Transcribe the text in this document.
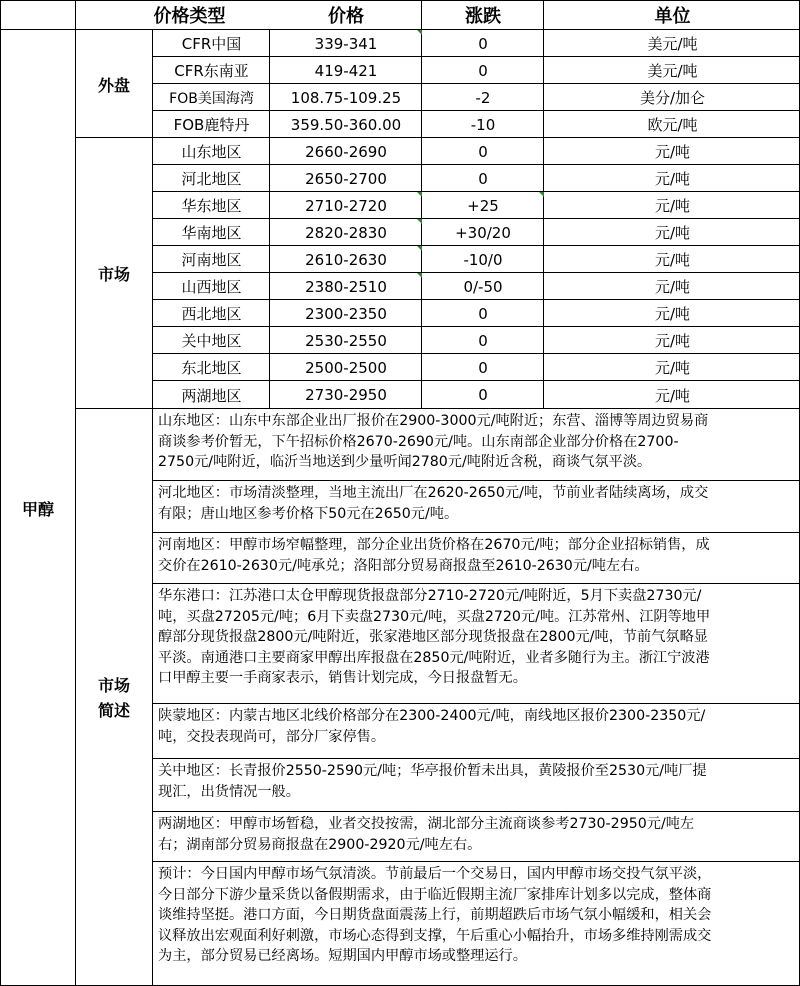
价格类型	价格	涨跌	单位
甲醇
外盘
市场
市场
简述
CFR中国	339-341	0	美元/吨
CFR东南亚	419-421	0	美元/吨
FOB美国海湾	108.75-109.25	-2	美分/加仑
FOB鹿特丹	359.50-360.00	-10	欧元/吨
山东地区	2660-2690	0	元/吨
河北地区	2650-2700	0	元/吨
华东地区	2710-2720	+25	元/吨
华南地区	2820-2830	+30/20	元/吨
河南地区	2610-2630	-10/0	元/吨
山西地区	2380-2510	0/-50	元/吨
西北地区	2300-2350	0	元/吨
关中地区	2530-2550	0	元/吨
东北地区	2500-2500	0	元/吨
两湖地区	2730-2950	0	元/吨
山东地区：山东中东部企业出厂报价在2900-3000元/吨附近；东营、淄博等周边贸易商
商谈参考价暂无，下午招标价格2670-2690元/吨。山东南部企业部分价格在2700-
2750元/吨附近，临沂当地送到少量听闻2780元/吨附近含税，商谈气氛平淡。
河北地区：市场清淡整理，当地主流出厂在2620-2650元/吨，节前业者陆续离场，成交
有限；唐山地区参考价格下50元在2650元/吨。
河南地区：甲醇市场窄幅整理，部分企业出货价格在2670元/吨；部分企业招标销售，成
交价在2610-2630元/吨承兑；洛阳部分贸易商报盘至2610-2630元/吨左右。
华东港口：江苏港口太仓甲醇现货报盘部分2710-2720元/吨附近，5月下卖盘2730元/
吨，买盘27205元/吨；6月下卖盘2730元/吨，买盘2720元/吨。江苏常州、江阴等地甲
醇部分现货报盘2800元/吨附近，张家港地区部分现货报盘在2800元/吨，节前气氛略显
平淡。南通港口主要商家甲醇出库报盘在2850元/吨附近，业者多随行为主。浙江宁波港
口甲醇主要一手商家表示，销售计划完成，今日报盘暂无。
陕蒙地区：内蒙古地区北线价格部分在2300-2400元/吨，南线地区报价2300-2350元/
吨，交投表现尚可，部分厂家停售。
关中地区：长青报价2550-2590元/吨；华亭报价暂未出具，黄陵报价至2530元/吨厂提
现汇，出货情况一般。
两湖地区：甲醇市场暂稳，业者交投按需，湖北部分主流商谈参考2730-2950元/吨左
右；湖南部分贸易商报盘在2900-2920元/吨左右。
预计：今日国内甲醇市场气氛清淡。节前最后一个交易日，国内甲醇市场交投气氛平淡，
今日部分下游少量采货以备假期需求，由于临近假期主流厂家排库计划多以完成，整体商
谈维持坚挺。港口方面，今日期货盘面震荡上行，前期超跌后市场气氛小幅缓和，相关会
议释放出宏观面利好刺激，市场心态得到支撑，午后重心小幅抬升，市场多维持刚需成交
为主，部分贸易已经离场。短期国内甲醇市场或整理运行。
